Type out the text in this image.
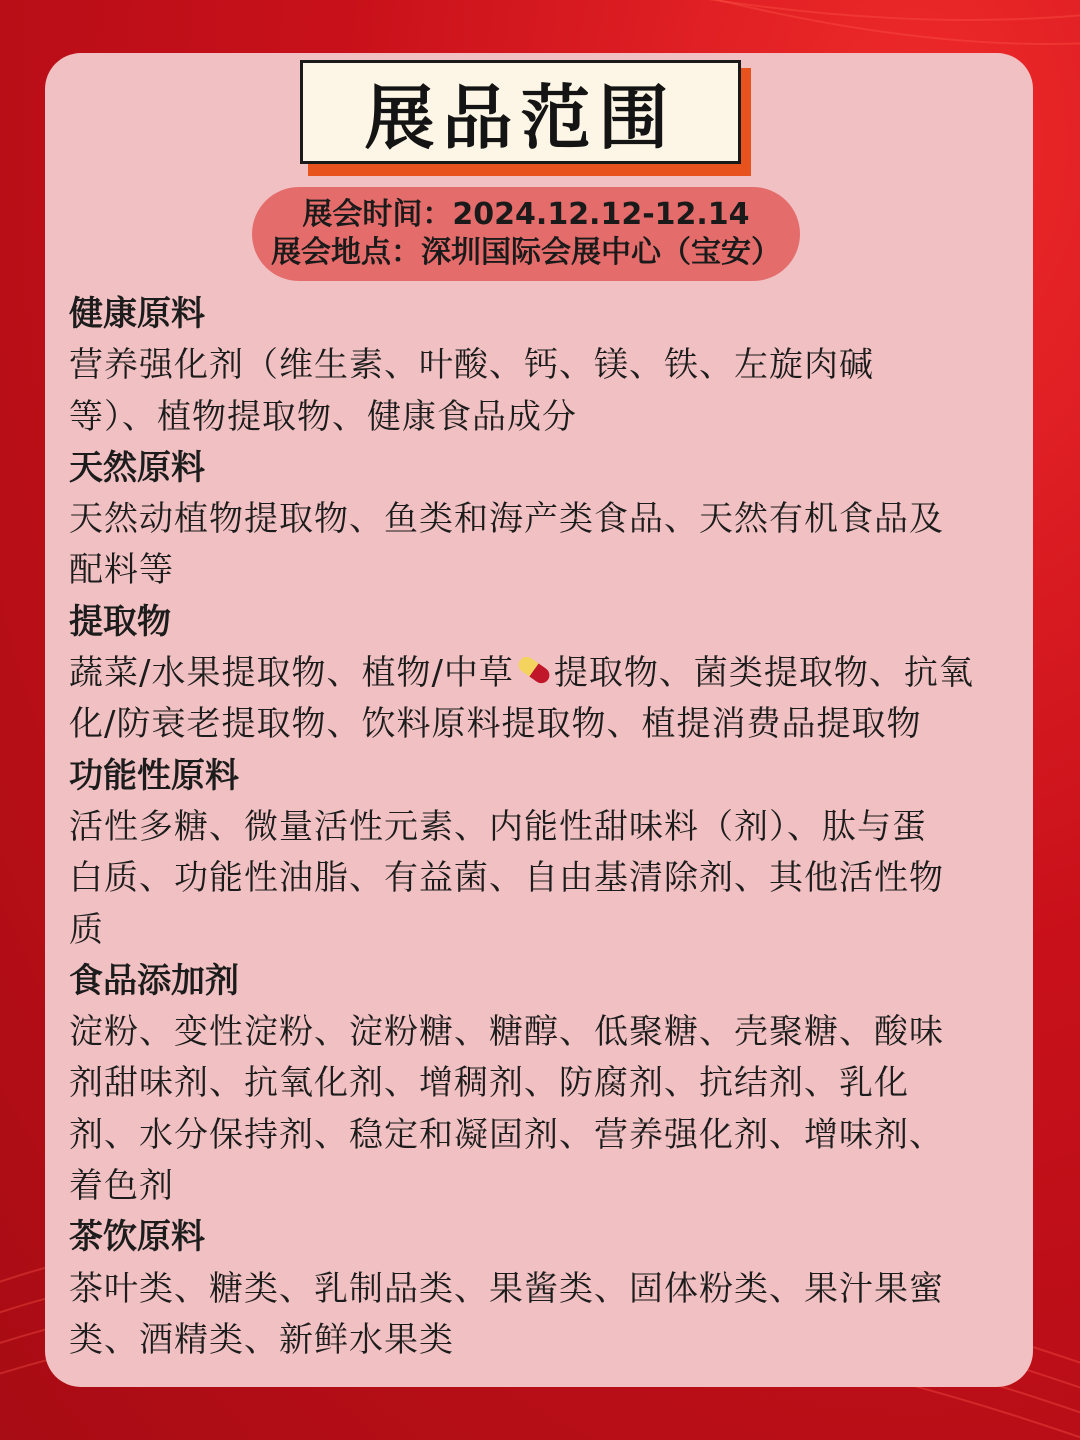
展品范围
展会时间：2024.12.12-12.14
展会地点：深圳国际会展中心（宝安）

健康原料

营养强化剂（维生素、叶酸、钙、镁、铁、左旋肉碱

等）、植物提取物、健康食品成分

天然原料

天然动植物提取物、鱼类和海产类食品、天然有机食品及

配料等

提取物

蔬菜/水果提取物、植物/中草 提取物、菌类提取物、抗氧

化/防衰老提取物、饮料原料提取物、植提消费品提取物

功能性原料

活性多糖、微量活性元素、内能性甜味料（剂）、肽与蛋

白质、功能性油脂、有益菌、自由基清除剂、其他活性物

质

食品添加剂

淀粉、变性淀粉、淀粉糖、糖醇、低聚糖、壳聚糖、酸味

剂甜味剂、抗氧化剂、增稠剂、防腐剂、抗结剂、乳化

剂、水分保持剂、稳定和凝固剂、营养强化剂、增味剂、

着色剂

茶饮原料

茶叶类、糖类、乳制品类、果酱类、固体粉类、果汁果蜜

类、酒精类、新鲜水果类
